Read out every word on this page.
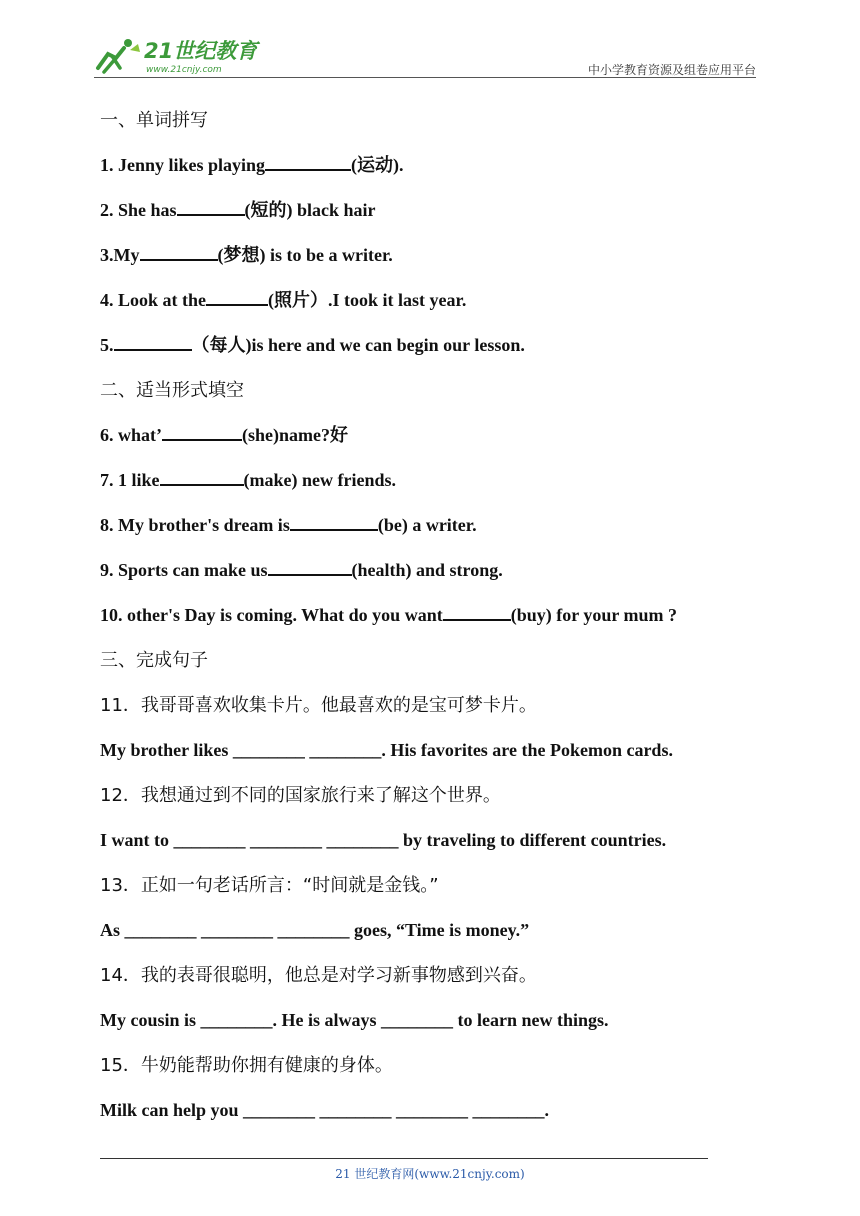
21世纪教育
www.21cnjy.com	中小学教育资源及组卷应用平台
一、单词拼写
1. Jenny likes playing	(运动).
2. She has	(短的) black hair
3.My	(梦想) is to be a writer.
4. Look at the	(照片）.I took it last year.
5.	（每人)is here and we can begin our lesson.
二、适当形式填空
6. what’	(she)name?好
7. 1 like	(make) new friends.
8. My brother's dream is	(be) a writer.
9. Sports can make us	(health) and strong.
10. other's Day is coming. What do you want	(buy) for your mum ?
三、完成句子
11．我哥哥喜欢收集卡片。他最喜欢的是宝可梦卡片。
My brother likes ________ ________. His favorites are the Pokemon cards.
12．我想通过到不同的国家旅行来了解这个世界。
I want to ________ ________ ________ by traveling to different countries.
13．正如一句老话所言：“时间就是金钱。”
As ________ ________ ________ goes, “Time is money.”
14．我的表哥很聪明，他总是对学习新事物感到兴奋。
My cousin is ________. He is always ________ to learn new things.
15．牛奶能帮助你拥有健康的身体。
Milk can help you ________ ________ ________ ________.
21 世纪教育网(www.21cnjy.com)
